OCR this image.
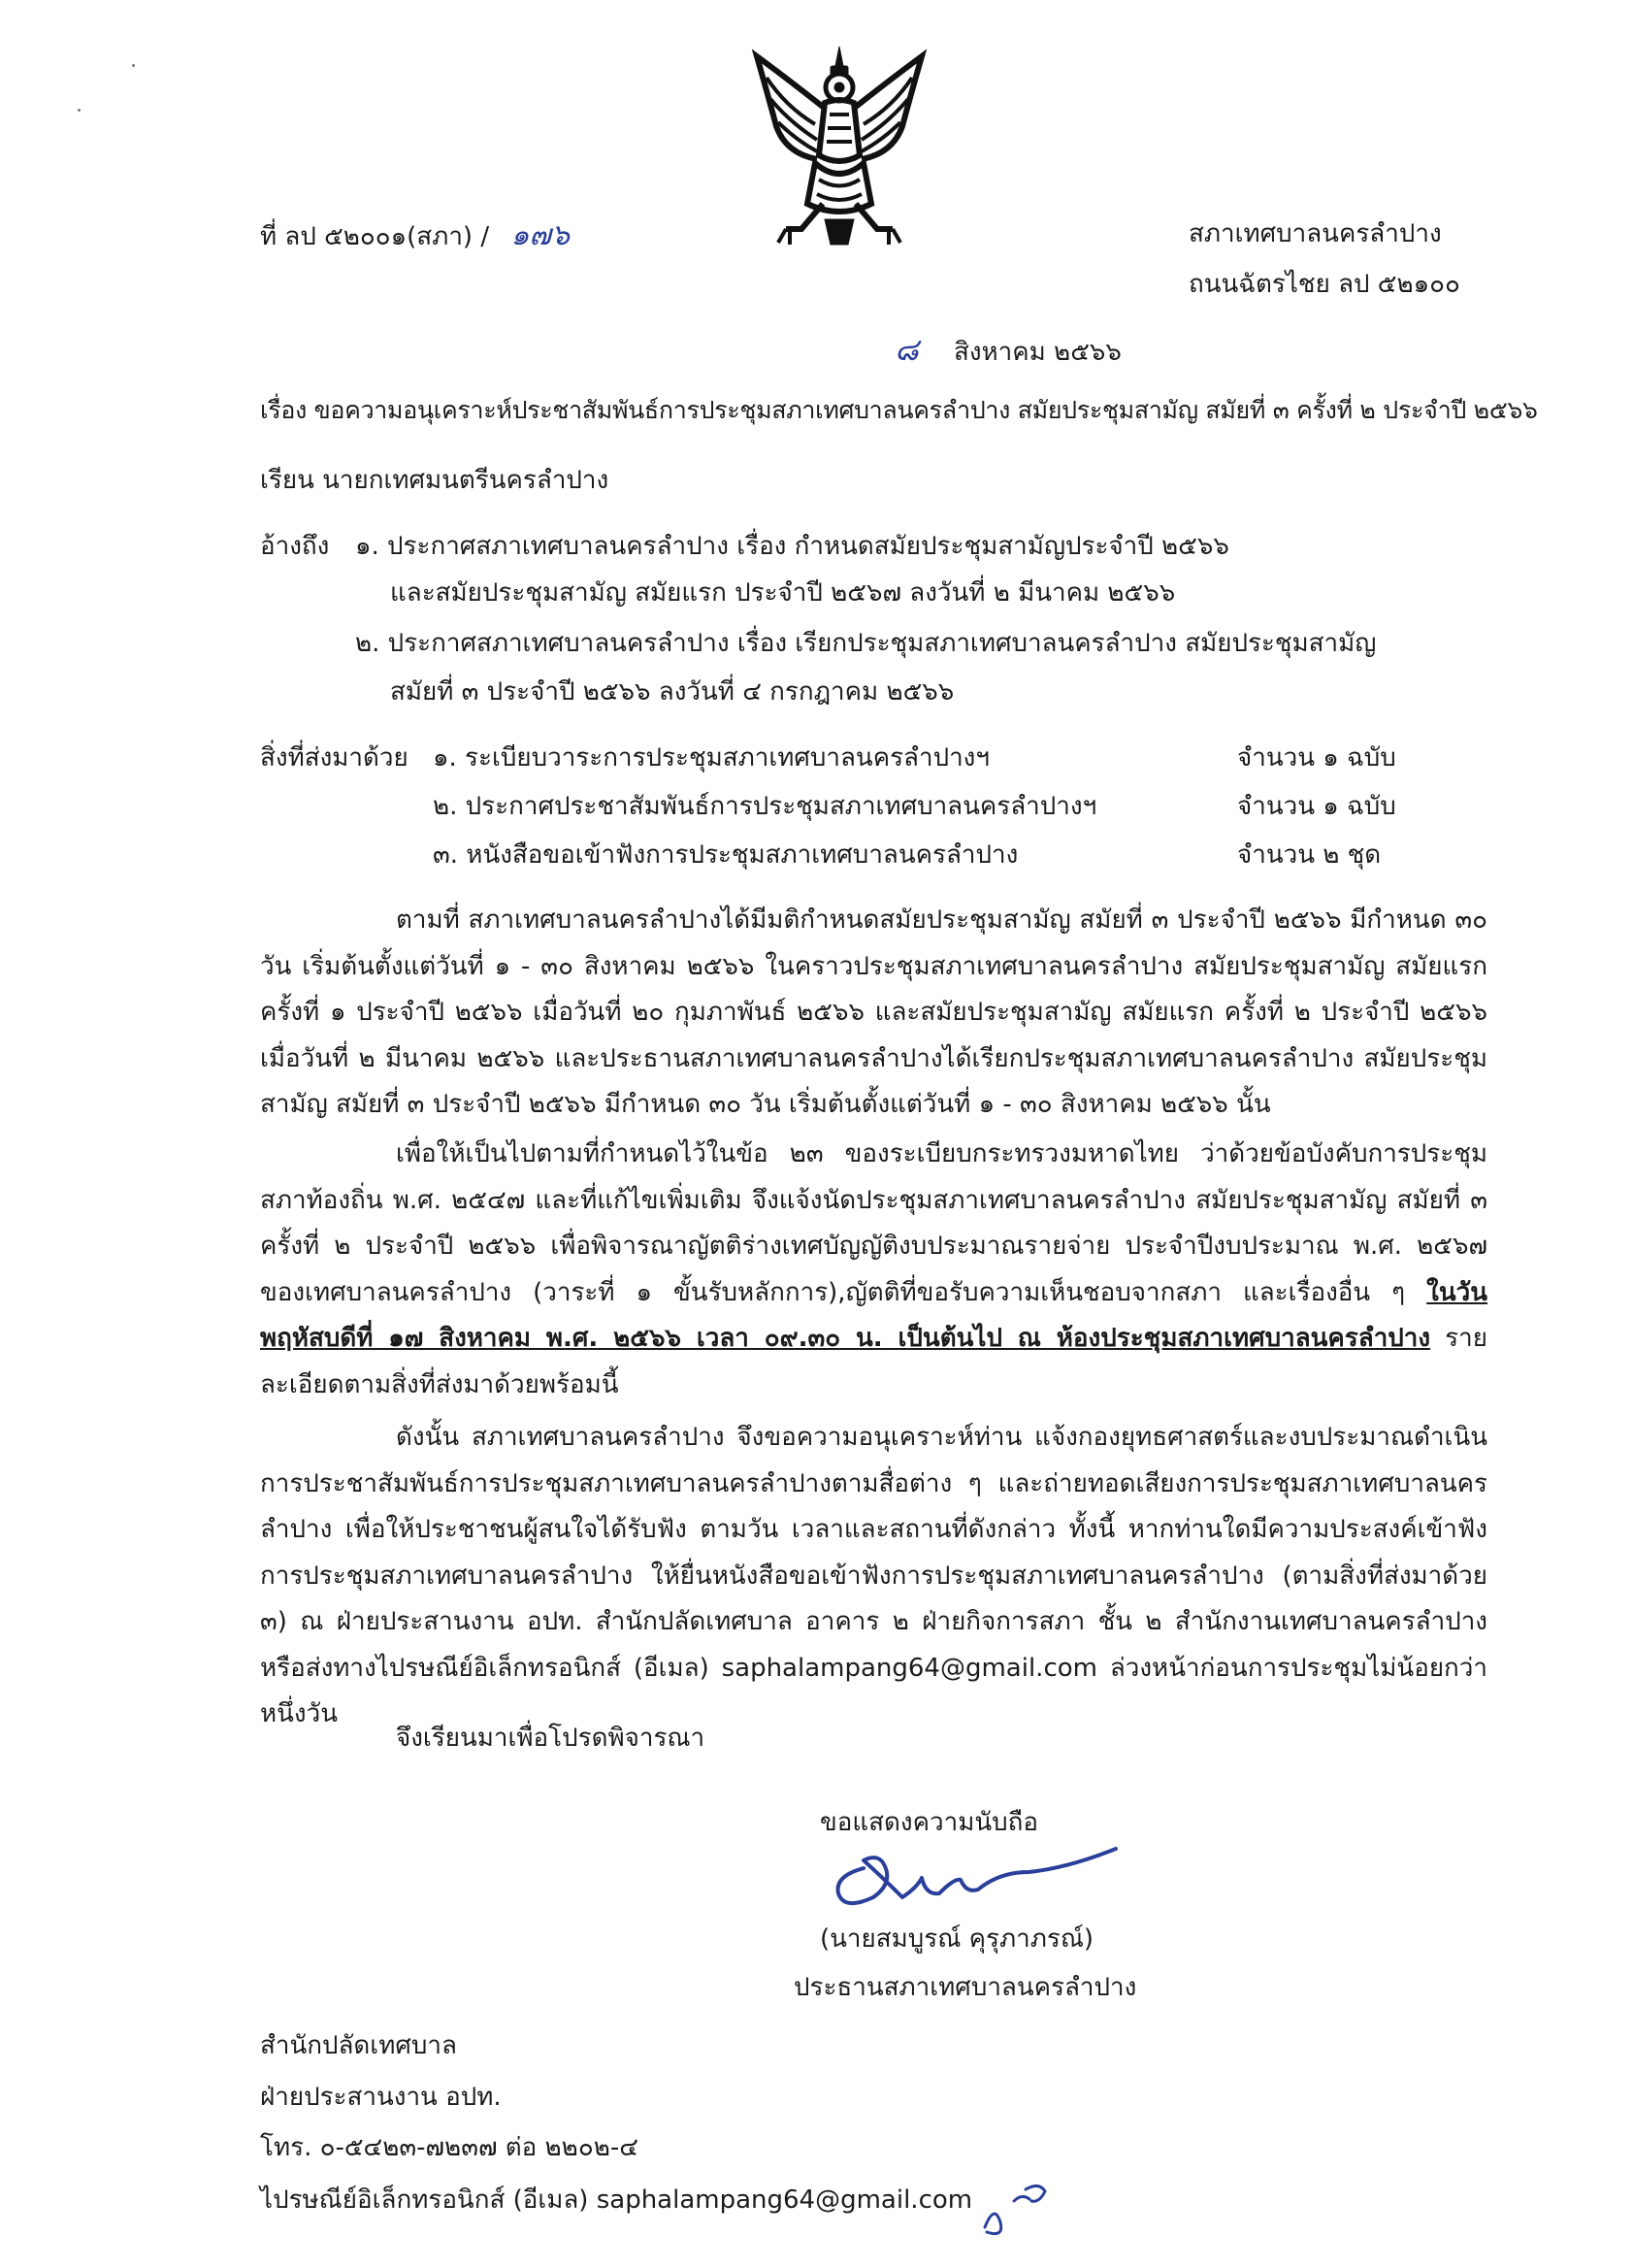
ที่ ลป ๕๒๐๐๑(สภา) / ๑๗๖	สภาเทศบาลนครลำปาง
ถนนฉัตรไชย ลป ๕๒๑๐๐
๘ สิงหาคม ๒๕๖๖
เรื่อง ขอความอนุเคราะห์ประชาสัมพันธ์การประชุมสภาเทศบาลนครลำปาง สมัยประชุมสามัญ สมัยที่ ๓ ครั้งที่ ๒ ประจำปี ๒๕๖๖
เรียน นายกเทศมนตรีนครลำปาง
อ้างถึง ๑. ประกาศสภาเทศบาลนครลำปาง เรื่อง กำหนดสมัยประชุมสามัญประจำปี ๒๕๖๖
และสมัยประชุมสามัญ สมัยแรก ประจำปี ๒๕๖๗ ลงวันที่ ๒ มีนาคม ๒๕๖๖
๒. ประกาศสภาเทศบาลนครลำปาง เรื่อง เรียกประชุมสภาเทศบาลนครลำปาง สมัยประชุมสามัญ
สมัยที่ ๓ ประจำปี ๒๕๖๖ ลงวันที่ ๔ กรกฎาคม ๒๕๖๖
สิ่งที่ส่งมาด้วย ๑. ระเบียบวาระการประชุมสภาเทศบาลนครลำปางฯ	จำนวน ๑ ฉบับ
๒. ประกาศประชาสัมพันธ์การประชุมสภาเทศบาลนครลำปางฯ	จำนวน ๑ ฉบับ
๓. หนังสือขอเข้าฟังการประชุมสภาเทศบาลนครลำปาง	จำนวน ๒ ชุด
ตามที่ สภาเทศบาลนครลำปางได้มีมติกำหนดสมัยประชุมสามัญ สมัยที่ ๓ ประจำปี ๒๕๖๖ มีกำหนด ๓๐ วัน เริ่มต้นตั้งแต่วันที่ ๑ - ๓๐ สิงหาคม ๒๕๖๖ ในคราวประชุมสภาเทศบาลนครลำปาง สมัยประชุมสามัญ สมัยแรก ครั้งที่ ๑ ประจำปี ๒๕๖๖ เมื่อวันที่ ๒๐ กุมภาพันธ์ ๒๕๖๖ และสมัยประชุมสามัญ สมัยแรก ครั้งที่ ๒ ประจำปี ๒๕๖๖ เมื่อวันที่ ๒ มีนาคม ๒๕๖๖ และประธานสภาเทศบาลนครลำปางได้เรียกประชุมสภาเทศบาลนครลำปาง สมัยประชุมสามัญ สมัยที่ ๓ ประจำปี ๒๕๖๖ มีกำหนด ๓๐ วัน เริ่มต้นตั้งแต่วันที่ ๑ - ๓๐ สิงหาคม ๒๕๖๖ นั้น
เพื่อให้เป็นไปตามที่กำหนดไว้ในข้อ ๒๓ ของระเบียบกระทรวงมหาดไทย ว่าด้วยข้อบังคับการประชุมสภาท้องถิ่น พ.ศ. ๒๕๔๗ และที่แก้ไขเพิ่มเติม จึงแจ้งนัดประชุมสภาเทศบาลนครลำปาง สมัยประชุมสามัญ สมัยที่ ๓ ครั้งที่ ๒ ประจำปี ๒๕๖๖ เพื่อพิจารณาญัตติร่างเทศบัญญัติงบประมาณรายจ่าย ประจำปีงบประมาณ พ.ศ. ๒๕๖๗ ของเทศบาลนครลำปาง (วาระที่ ๑ ขั้นรับหลักการ),ญัตติที่ขอรับความเห็นชอบจากสภา และเรื่องอื่น ๆ ในวันพฤหัสบดีที่ ๑๗ สิงหาคม พ.ศ. ๒๕๖๖ เวลา ๐๙.๓๐ น. เป็นต้นไป ณ ห้องประชุมสภาเทศบาลนครลำปาง รายละเอียดตามสิ่งที่ส่งมาด้วยพร้อมนี้
ดังนั้น สภาเทศบาลนครลำปาง จึงขอความอนุเคราะห์ท่าน แจ้งกองยุทธศาสตร์และงบประมาณดำเนินการประชาสัมพันธ์การประชุมสภาเทศบาลนครลำปางตามสื่อต่าง ๆ และถ่ายทอดเสียงการประชุมสภาเทศบาลนครลำปาง เพื่อให้ประชาชนผู้สนใจได้รับฟัง ตามวัน เวลาและสถานที่ดังกล่าว ทั้งนี้ หากท่านใดมีความประสงค์เข้าฟังการประชุมสภาเทศบาลนครลำปาง ให้ยื่นหนังสือขอเข้าฟังการประชุมสภาเทศบาลนครลำปาง (ตามสิ่งที่ส่งมาด้วย ๓) ณ ฝ่ายประสานงาน อปท. สำนักปลัดเทศบาล อาคาร ๒ ฝ่ายกิจการสภา ชั้น ๒ สำนักงานเทศบาลนครลำปาง หรือส่งทางไปรษณีย์อิเล็กทรอนิกส์ (อีเมล) saphalampang64@gmail.com ล่วงหน้าก่อนการประชุมไม่น้อยกว่าหนึ่งวัน
จึงเรียนมาเพื่อโปรดพิจารณา
ขอแสดงความนับถือ
(นายสมบูรณ์ คุรุภาภรณ์)
ประธานสภาเทศบาลนครลำปาง
สำนักปลัดเทศบาล
ฝ่ายประสานงาน อปท.
โทร. ๐-๕๔๒๓-๗๒๓๗ ต่อ ๒๒๐๒-๔
ไปรษณีย์อิเล็กทรอนิกส์ (อีเมล) saphalampang64@gmail.com
